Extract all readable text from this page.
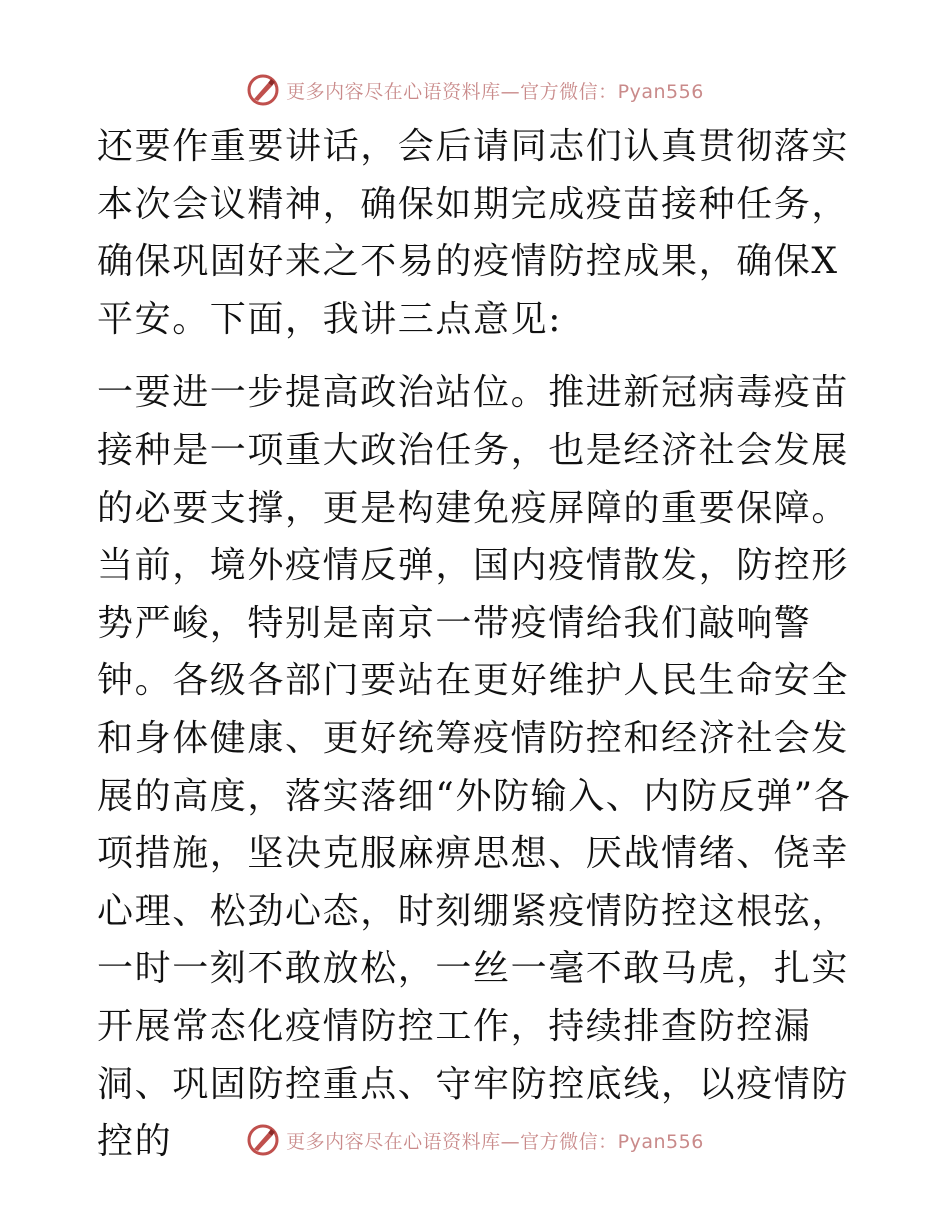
更多内容尽在心语资料库—官方微信：Pyan556

还要作重要讲话，会后请同志们认真贯彻落实本次会议精神，确保如期完成疫苗接种任务，确保巩固好来之不易的疫情防控成果，确保X平安。下面，我讲三点意见:

一要进一步提高政治站位。推进新冠病毒疫苗接种是一项重大政治任务，也是经济社会发展的必要支撑，更是构建免疫屏障的重要保障。当前，境外疫情反弹，国内疫情散发，防控形势严峻，特别是南京一带疫情给我们敲响警钟。各级各部门要站在更好维护人民生命安全和身体健康、更好统筹疫情防控和经济社会发展的高度，落实落细“外防输入、内防反弹”各项措施，坚决克服麻痹思想、厌战情绪、侥幸心理、松劲心态，时刻绷紧疫情防控这根弦，一时一刻不敢放松，一丝一毫不敢马虎，扎实开展常态化疫情防控工作，持续排查防控漏洞、巩固防控重点、守牢防控底线，以疫情防控的	更多内容尽在心语资料库—官方微信：Pyan556
